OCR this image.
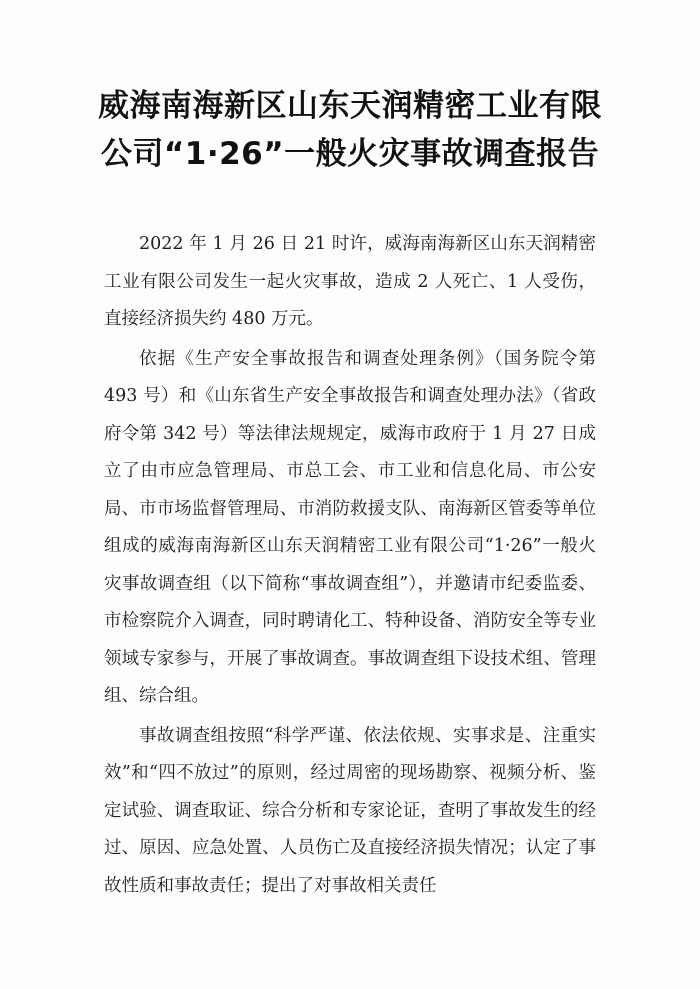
威海南海新区山东天润精密工业有限
公司“1·26”一般火灾事故调查报告

2022 年 1 月 26 日 21 时许，威海南海新区山东天润精密工业有限公司发生一起火灾事故，造成 2 人死亡、1 人受伤，直接经济损失约 480 万元。

依据《生产安全事故报告和调查处理条例》（国务院令第 493 号）和《山东省生产安全事故报告和调查处理办法》（省政府令第 342 号）等法律法规规定，威海市政府于 1 月 27 日成立了由市应急管理局、市总工会、市工业和信息化局、市公安局、市市场监督管理局、市消防救援支队、南海新区管委等单位组成的威海南海新区山东天润精密工业有限公司“1·26”一般火灾事故调查组（以下简称“事故调查组”），并邀请市纪委监委、市检察院介入调查，同时聘请化工、特种设备、消防安全等专业领域专家参与，开展了事故调查。事故调查组下设技术组、管理组、综合组。

事故调查组按照“科学严谨、依法依规、实事求是、注重实效”和“四不放过”的原则，经过周密的现场勘察、视频分析、鉴定试验、调查取证、综合分析和专家论证，查明了事故发生的经过、原因、应急处置、人员伤亡及直接经济损失情况；认定了事故性质和事故责任；提出了对事故相关责任
